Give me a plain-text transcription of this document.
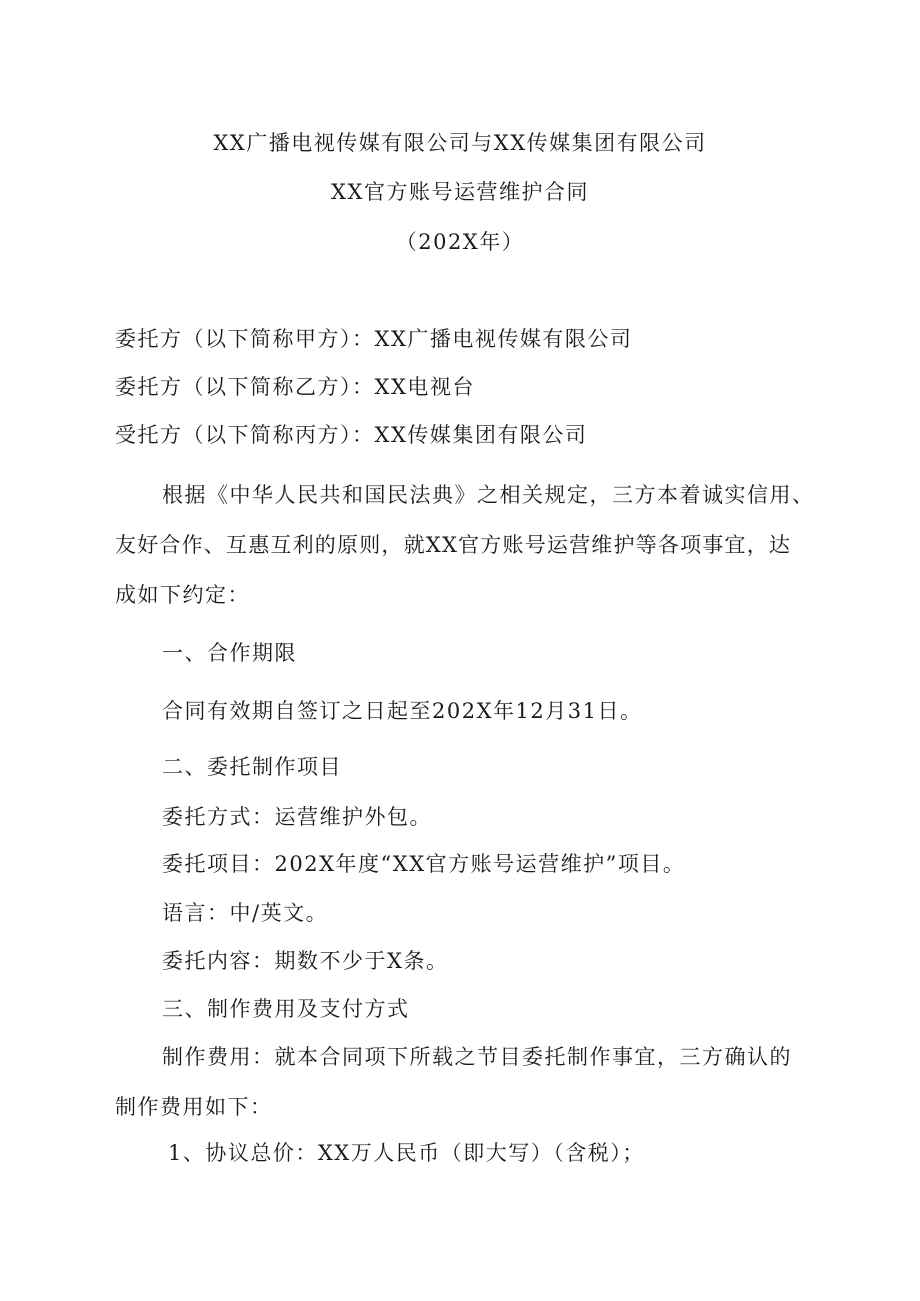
XX广播电视传媒有限公司与XX传媒集团有限公司
XX官方账号运营维护合同
（202X年）
委托方（以下简称甲方）：XX广播电视传媒有限公司
委托方（以下简称乙方）：XX电视台
受托方（以下简称丙方）：XX传媒集团有限公司
根据《中华人民共和国民法典》之相关规定，三方本着诚实信用、
友好合作、互惠互利的原则，就XX官方账号运营维护等各项事宜，达
成如下约定：
一、合作期限
合同有效期自签订之日起至202X年12月31日。
二、委托制作项目
委托方式：运营维护外包。
委托项目：202X年度“XX官方账号运营维护”项目。
语言：中/英文。
委托内容：期数不少于X条。
三、制作费用及支付方式
制作费用：就本合同项下所载之节目委托制作事宜，三方确认的
制作费用如下：
1、协议总价：XX万人民币（即大写）（含税）；
